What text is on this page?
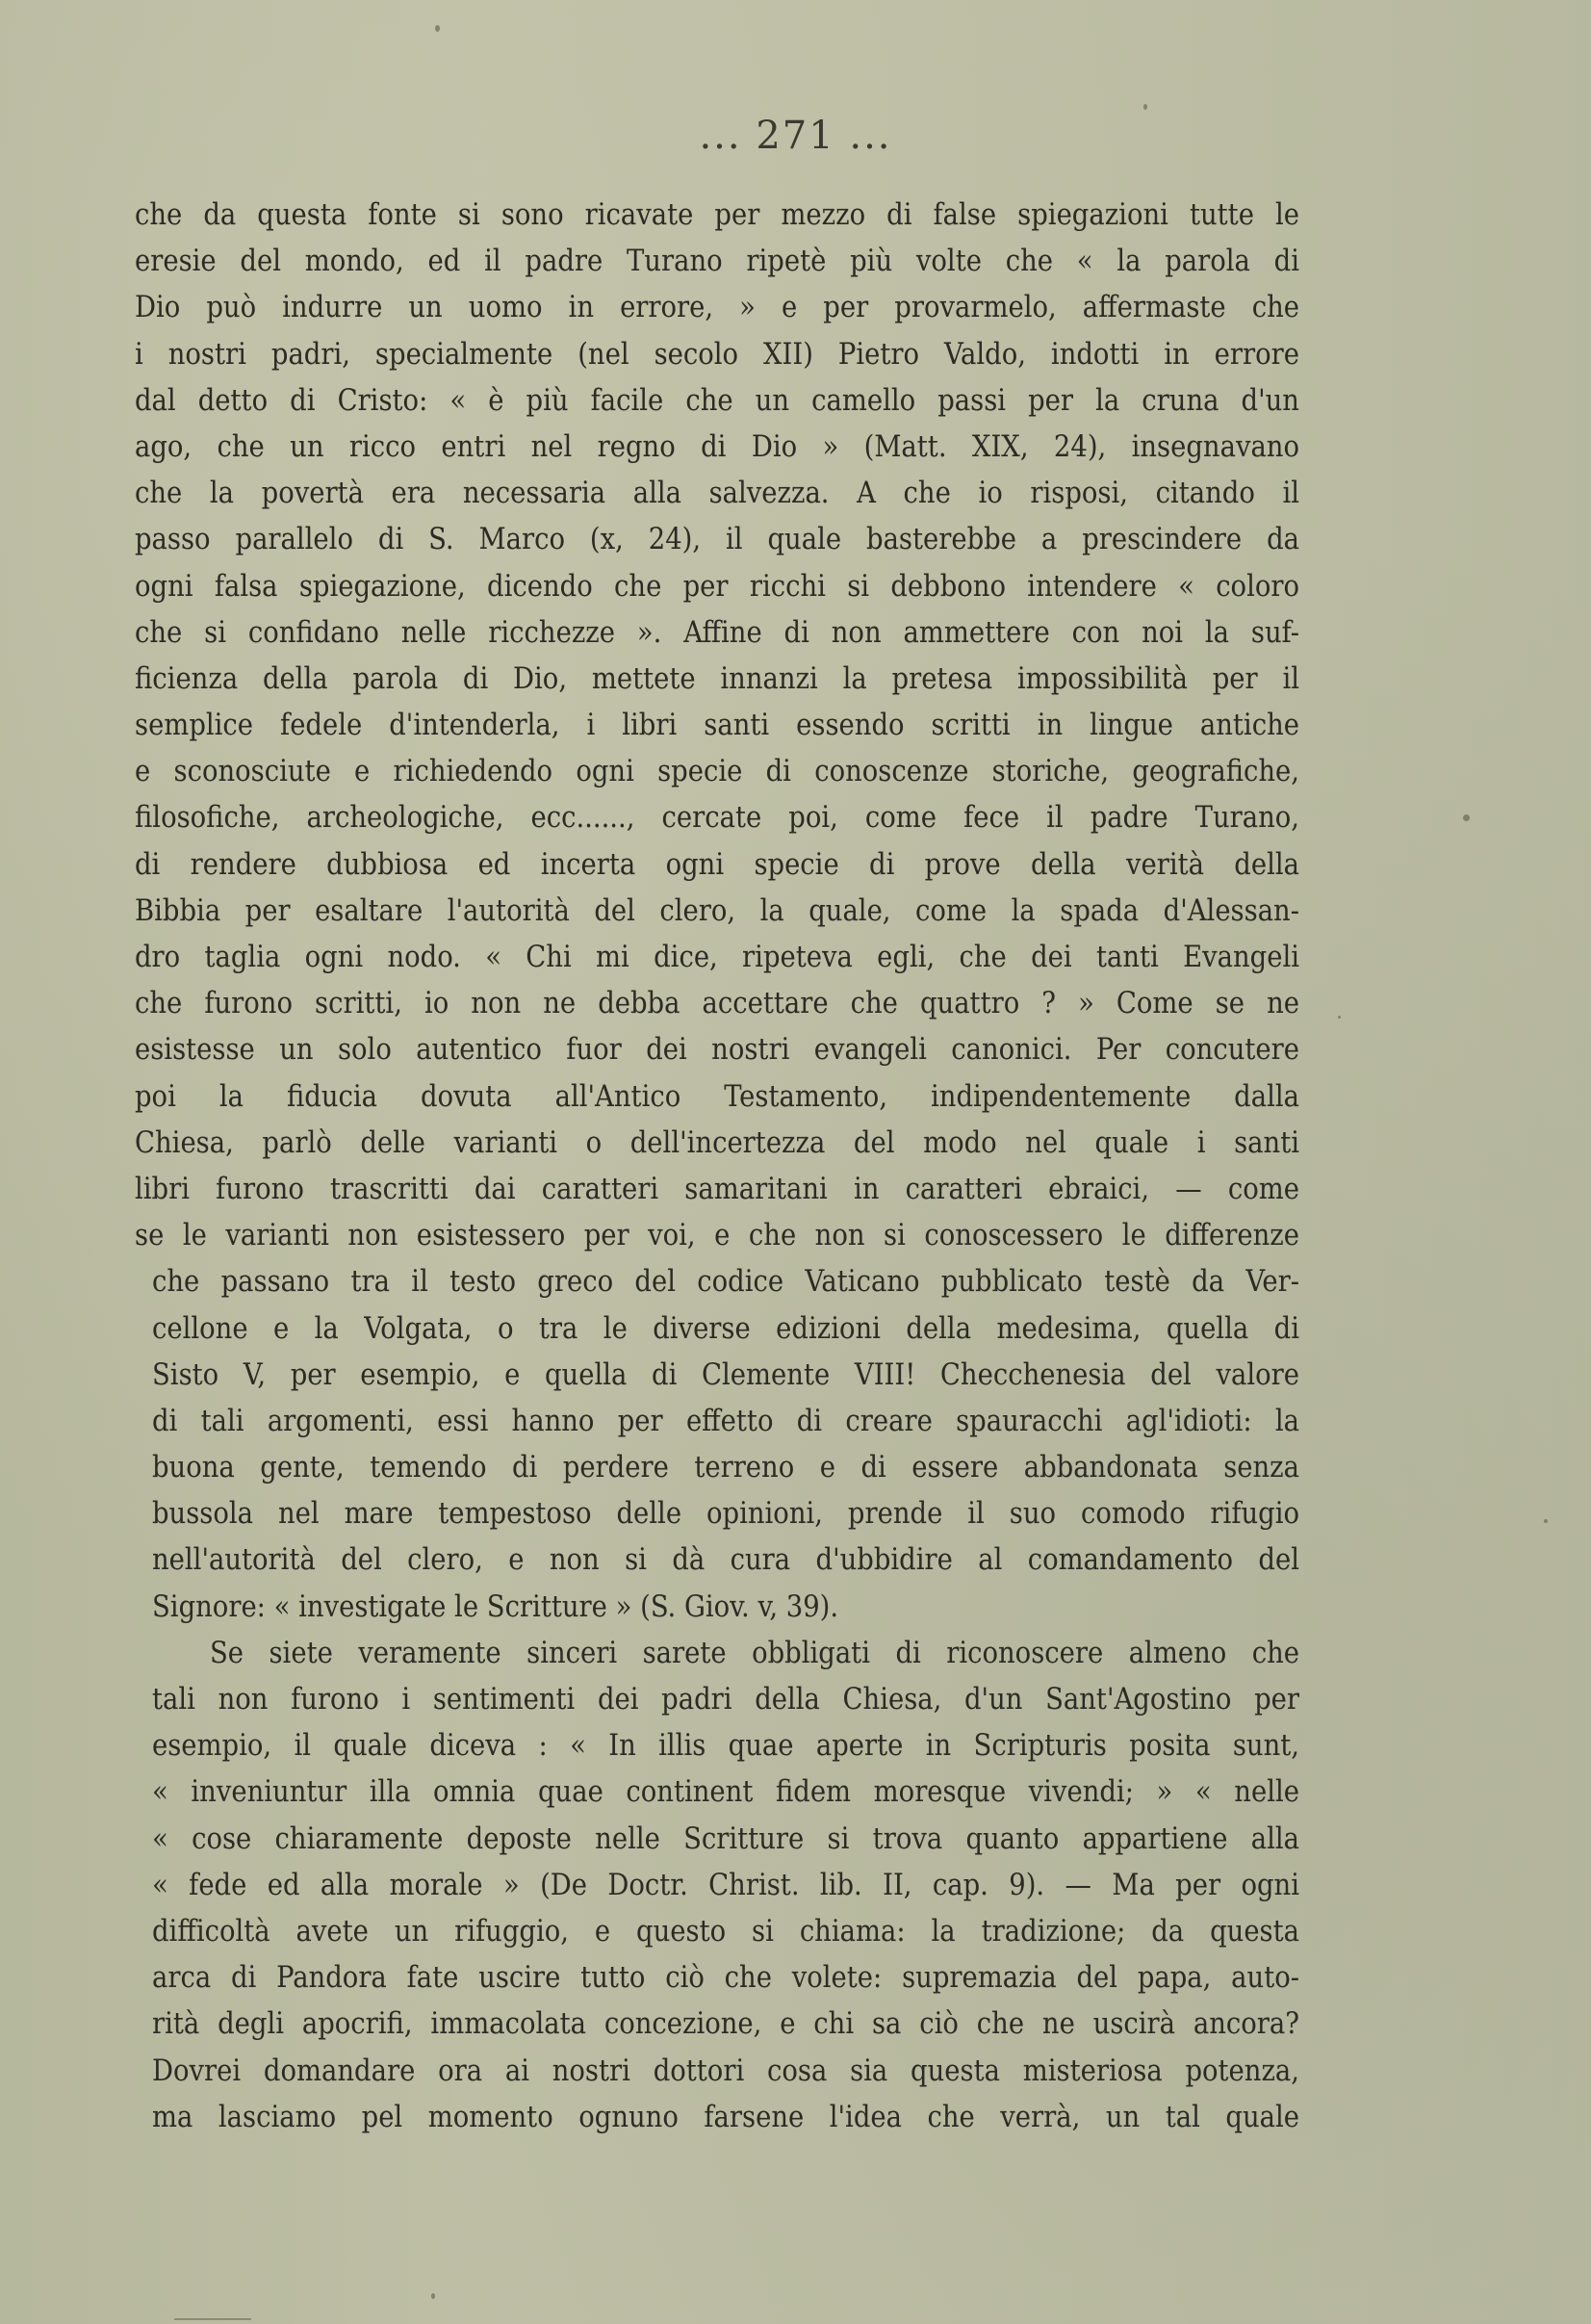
... 271 ...
che da questa fonte si sono ricavate per mezzo di false spiegazioni tutte le
eresie del mondo, ed il padre Turano ripetè più volte che « la parola di
Dio può indurre un uomo in errore, » e per provarmelo, affermaste che
i nostri padri, specialmente (nel secolo XII) Pietro Valdo, indotti in errore
dal detto di Cristo: « è più facile che un camello passi per la cruna d'un
ago, che un ricco entri nel regno di Dio » (Matt. XIX, 24), insegnavano
che la povertà era necessaria alla salvezza. A che io risposi, citando il
passo parallelo di S. Marco (x, 24), il quale basterebbe a prescindere da
ogni falsa spiegazione, dicendo che per ricchi si debbono intendere « coloro
che si confidano nelle ricchezze ». Affine di non ammettere con noi la suf-
ficienza della parola di Dio, mettete innanzi la pretesa impossibilità per il
semplice fedele d'intenderla, i libri santi essendo scritti in lingue antiche
e sconosciute e richiedendo ogni specie di conoscenze storiche, geografiche,
filosofiche, archeologiche, ecc......, cercate poi, come fece il padre Turano,
di rendere dubbiosa ed incerta ogni specie di prove della verità della
Bibbia per esaltare l'autorità del clero, la quale, come la spada d'Alessan-
dro taglia ogni nodo. « Chi mi dice, ripeteva egli, che dei tanti Evangeli
che furono scritti, io non ne debba accettare che quattro ? » Come se ne
esistesse un solo autentico fuor dei nostri evangeli canonici. Per concutere
poi la fiducia dovuta all'Antico Testamento, indipendentemente dalla
Chiesa, parlò delle varianti o dell'incertezza del modo nel quale i santi
libri furono trascritti dai caratteri samaritani in caratteri ebraici, — come
se le varianti non esistessero per voi, e che non si conoscessero le differenze
che passano tra il testo greco del codice Vaticano pubblicato testè da Ver-
cellone e la Volgata, o tra le diverse edizioni della medesima, quella di
Sisto V, per esempio, e quella di Clemente VIII! Checchenesia del valore
di tali argomenti, essi hanno per effetto di creare spauracchi agl'idioti: la
buona gente, temendo di perdere terreno e di essere abbandonata senza
bussola nel mare tempestoso delle opinioni, prende il suo comodo rifugio
nell'autorità del clero, e non si dà cura d'ubbidire al comandamento del
Signore: « investigate le Scritture » (S. Giov. v, 39).
Se siete veramente sinceri sarete obbligati di riconoscere almeno che
tali non furono i sentimenti dei padri della Chiesa, d'un Sant'Agostino per
esempio, il quale diceva : « In illis quae aperte in Scripturis posita sunt,
« inveniuntur illa omnia quae continent fidem moresque vivendi; » « nelle
« cose chiaramente deposte nelle Scritture si trova quanto appartiene alla
« fede ed alla morale » (De Doctr. Christ. lib. II, cap. 9). — Ma per ogni
difficoltà avete un rifuggio, e questo si chiama: la tradizione; da questa
arca di Pandora fate uscire tutto ciò che volete: supremazia del papa, auto-
rità degli apocrifi, immacolata concezione, e chi sa ciò che ne uscirà ancora?
Dovrei domandare ora ai nostri dottori cosa sia questa misteriosa potenza,
ma lasciamo pel momento ognuno farsene l'idea che verrà, un tal quale
